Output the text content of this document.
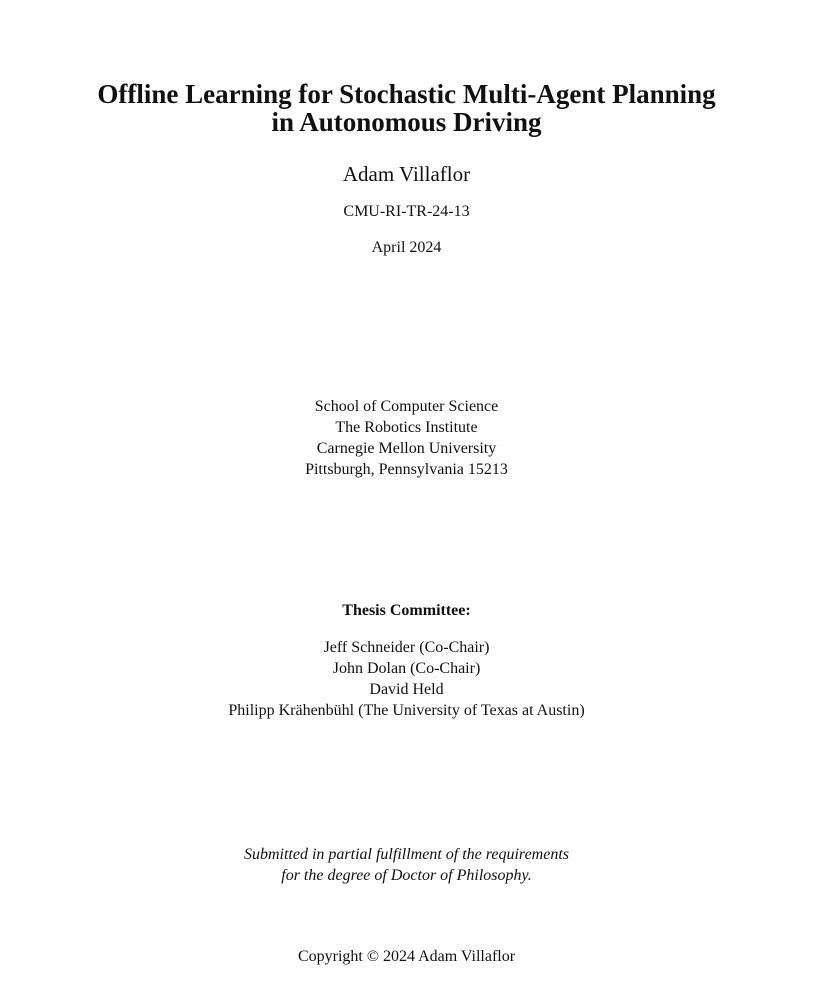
Offline Learning for Stochastic Multi-Agent Planning
in Autonomous Driving
Adam Villaflor
CMU-RI-TR-24-13
April 2024
School of Computer Science
The Robotics Institute
Carnegie Mellon University
Pittsburgh, Pennsylvania 15213
Thesis Committee:
Jeff Schneider (Co-Chair)
John Dolan (Co-Chair)
David Held
Philipp Krähenbühl (The University of Texas at Austin)
Submitted in partial fulfillment of the requirements
for the degree of Doctor of Philosophy.
Copyright © 2024 Adam Villaflor
